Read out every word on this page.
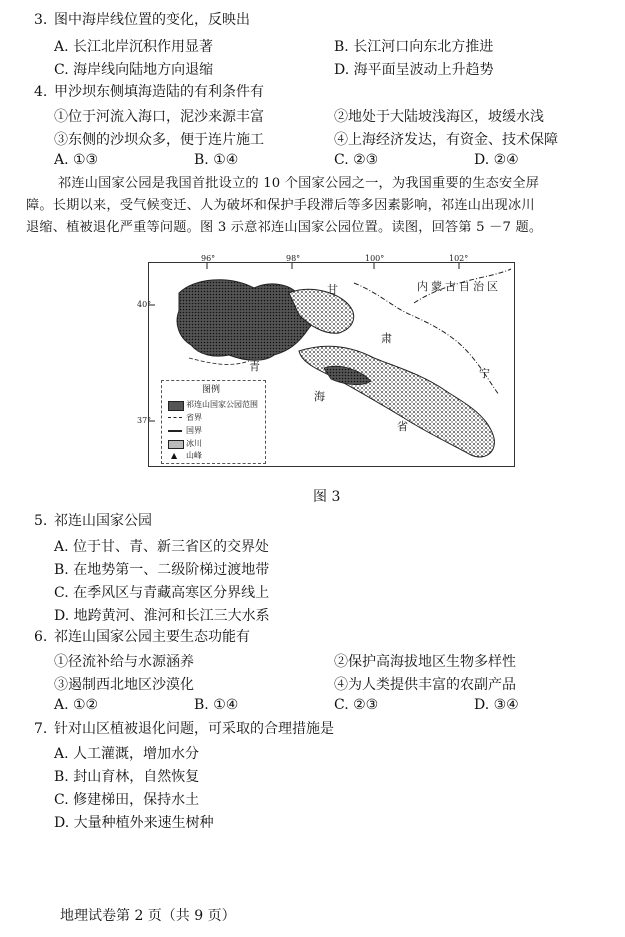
3. 图中海岸线位置的变化，反映出
A. 长江北岸沉积作用显著	B. 长江河口向东北方推进
C. 海岸线向陆地方向退缩	D. 海平面呈波动上升趋势
4. 甲沙坝东侧填海造陆的有利条件有
①位于河流入海口，泥沙来源丰富	②地处于大陆坡浅海区，坡缓水浅
③东侧的沙坝众多，便于连片施工	④上海经济发达，有资金、技术保障
A. ①③	B. ①④	C. ②③	D. ②④
祁连山国家公园是我国首批设立的 10 个国家公园之一，为我国重要的生态安全屏
障。长期以来，受气候变迁、人为破坏和保护手段滞后等多因素影响，祁连山出现冰川
退缩、植被退化严重等问题。图 3 示意祁连山国家公园位置。读图，回答第 5 －7 题。
96°	98°	100°	102°
40°
37°
甘
肃
内蒙古自治区
青
海
省
宁
图例
祁连山国家公园范围
省界
国界
冰川
▲ 山峰
图 3
5. 祁连山国家公园
A. 位于甘、青、新三省区的交界处
B. 在地势第一、二级阶梯过渡地带
C. 在季风区与青藏高寒区分界线上
D. 地跨黄河、淮河和长江三大水系
6. 祁连山国家公园主要生态功能有
①径流补给与水源涵养	②保护高海拔地区生物多样性
③遏制西北地区沙漠化	④为人类提供丰富的农副产品
A. ①②	B. ①④	C. ②③	D. ③④
7. 针对山区植被退化问题，可采取的合理措施是
A. 人工灌溉，增加水分
B. 封山育林，自然恢复
C. 修建梯田，保持水土
D. 大量种植外来速生树种
地理试卷第 2 页（共 9 页）
